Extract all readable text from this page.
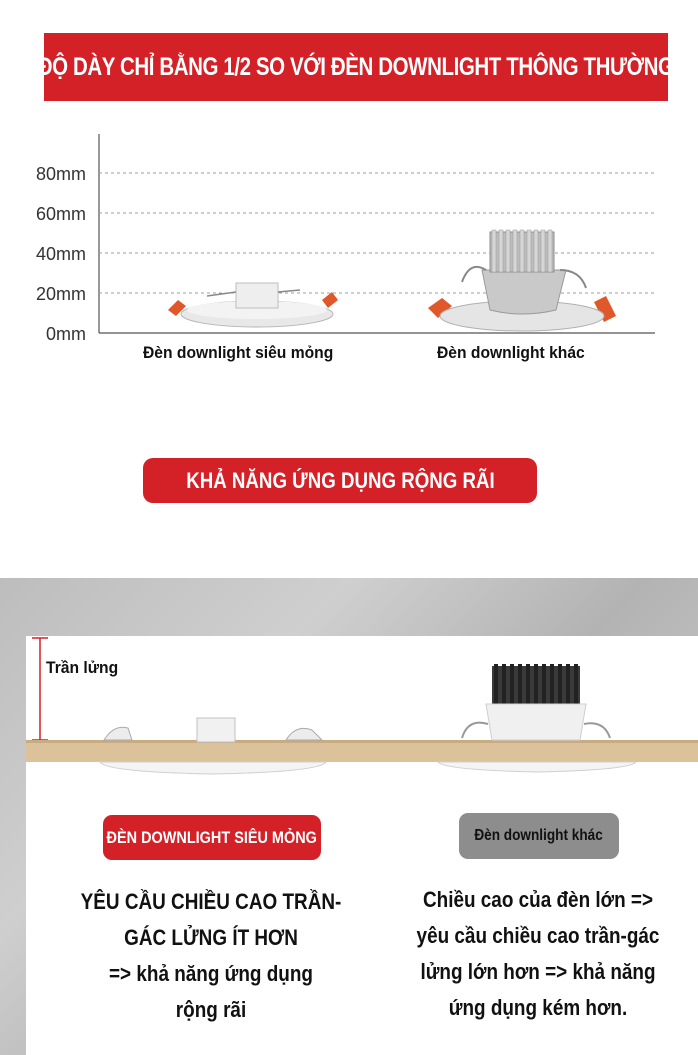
ĐỘ DÀY CHỈ BẰNG 1/2 SO VỚI ĐÈN DOWNLIGHT THÔNG THƯỜNG
80mm
60mm
40mm
20mm
0mm
Đèn downlight siêu mỏng	Đèn downlight khác
KHẢ NĂNG ỨNG DỤNG RỘNG RÃI
Trần lửng
ĐÈN DOWNLIGHT SIÊU MỎNG	Đèn downlight khác
YÊU CẦU CHIỀU CAO TRẦN-
GÁC LỬNG ÍT HƠN
=> khả năng ứng dụng
rộng rãi
Chiều cao của đèn lớn =>
yêu cầu chiều cao trần-gác
lửng lớn hơn => khả năng
ứng dụng kém hơn.
